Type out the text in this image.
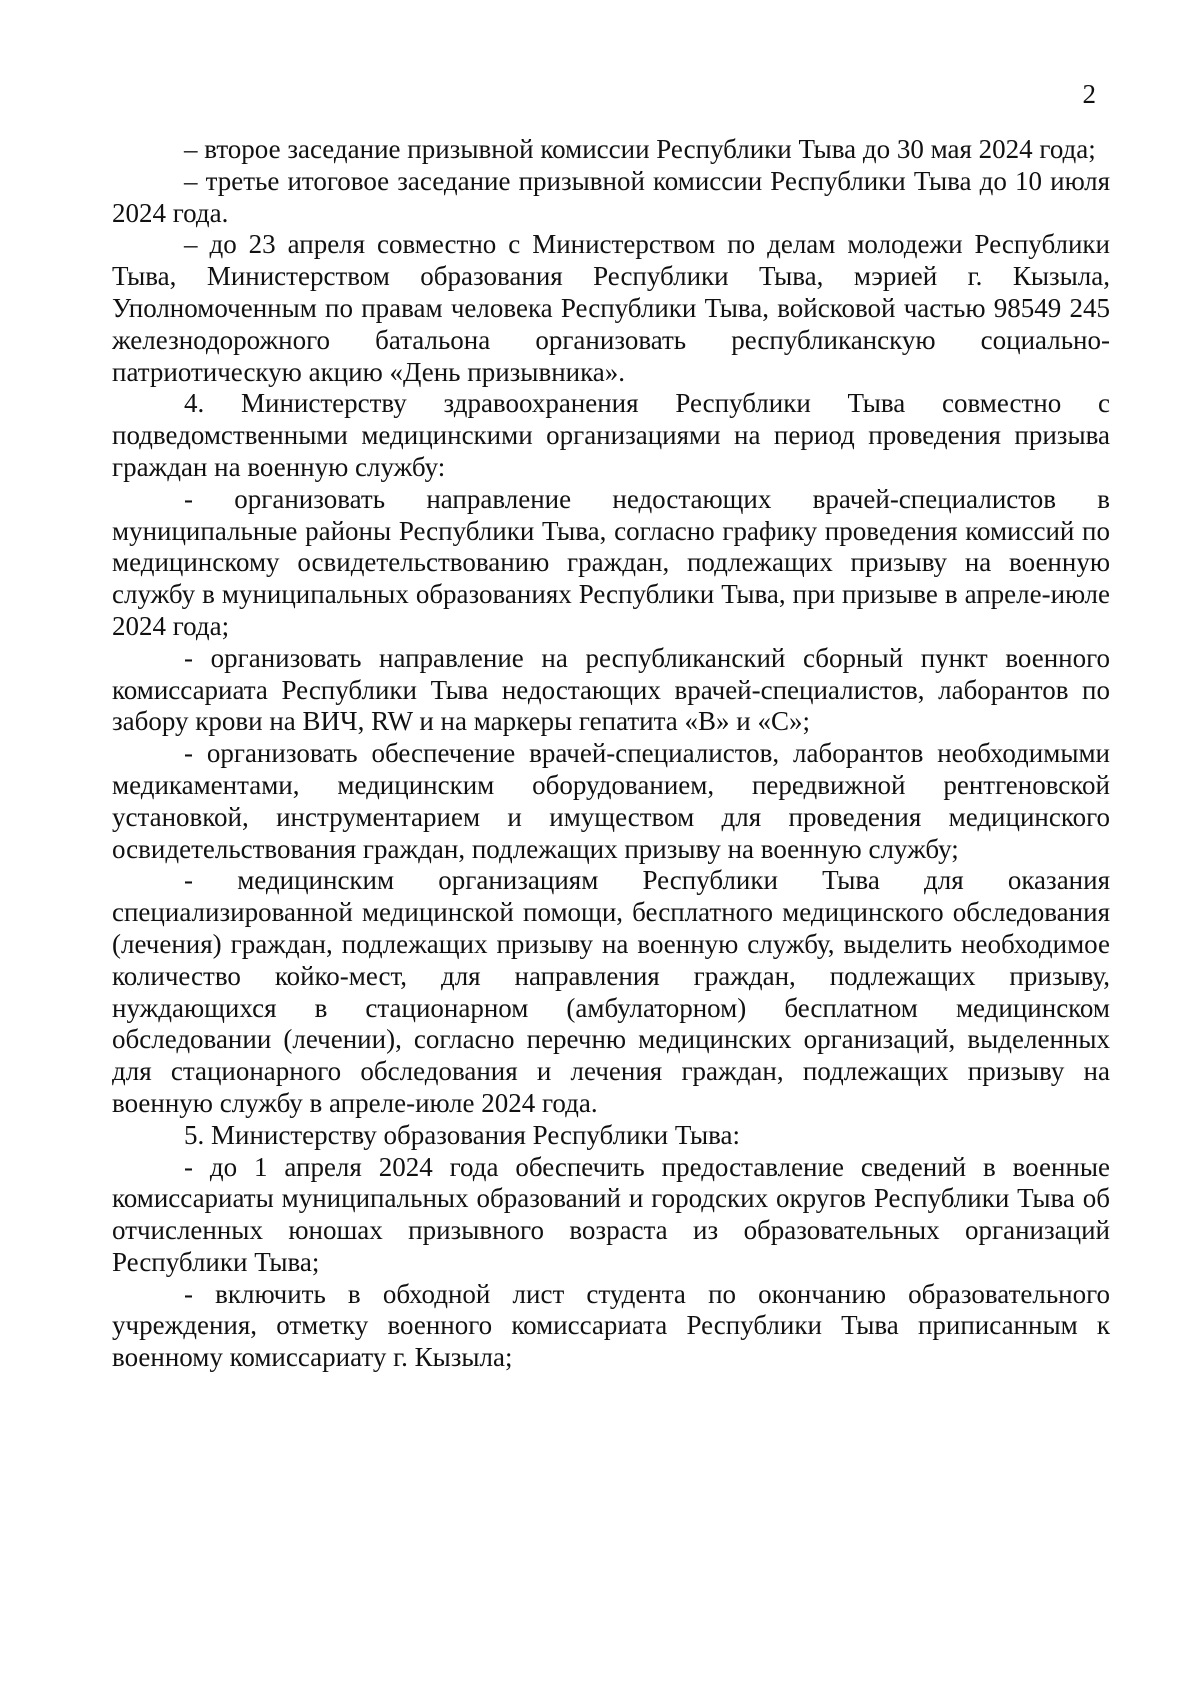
2

– второе заседание призывной комиссии Республики Тыва до 30 мая 2024 года;

– третье итоговое заседание призывной комиссии Республики Тыва до 10 июля 2024 года.

– до 23 апреля совместно с Министерством по делам молодежи Республики Тыва, Министерством образования Республики Тыва, мэрией г. Кызыла, Уполномоченным по правам человека Республики Тыва, войсковой частью 98549 245 железнодорожного батальона организовать республиканскую социально-патриотическую акцию «День призывника».

4. Министерству здравоохранения Республики Тыва совместно с подведомственными медицинскими организациями на период проведения призыва граждан на военную службу:

- организовать направление недостающих врачей-специалистов в муниципальные районы Республики Тыва, согласно графику проведения комиссий по медицинскому освидетельствованию граждан, подлежащих призыву на военную службу в муниципальных образованиях Республики Тыва, при призыве в апреле-июле 2024 года;

- организовать направление на республиканский сборный пункт военного комиссариата Республики Тыва недостающих врачей-специалистов, лаборантов по забору крови на ВИЧ, RW и на маркеры гепатита «В» и «С»;

- организовать обеспечение врачей-специалистов, лаборантов необходимыми медикаментами, медицинским оборудованием, передвижной рентгеновской установкой, инструментарием и имуществом для проведения медицинского освидетельствования граждан, подлежащих призыву на военную службу;

- медицинским организациям Республики Тыва для оказания специализированной медицинской помощи, бесплатного медицинского обследования (лечения) граждан, подлежащих призыву на военную службу, выделить необходимое количество койко-мест, для направления граждан, подлежащих призыву, нуждающихся в стационарном (амбулаторном) бесплатном медицинском обследовании (лечении), согласно перечню медицинских организаций, выделенных для стационарного обследования и лечения граждан, подлежащих призыву на военную службу в апреле-июле 2024 года.

5. Министерству образования Республики Тыва:

- до 1 апреля 2024 года обеспечить предоставление сведений в военные комиссариаты муниципальных образований и городских округов Республики Тыва об отчисленных юношах призывного возраста из образовательных организаций Республики Тыва;

- включить в обходной лист студента по окончанию образовательного учреждения, отметку военного комиссариата Республики Тыва приписанным к военному комиссариату г. Кызыла;
